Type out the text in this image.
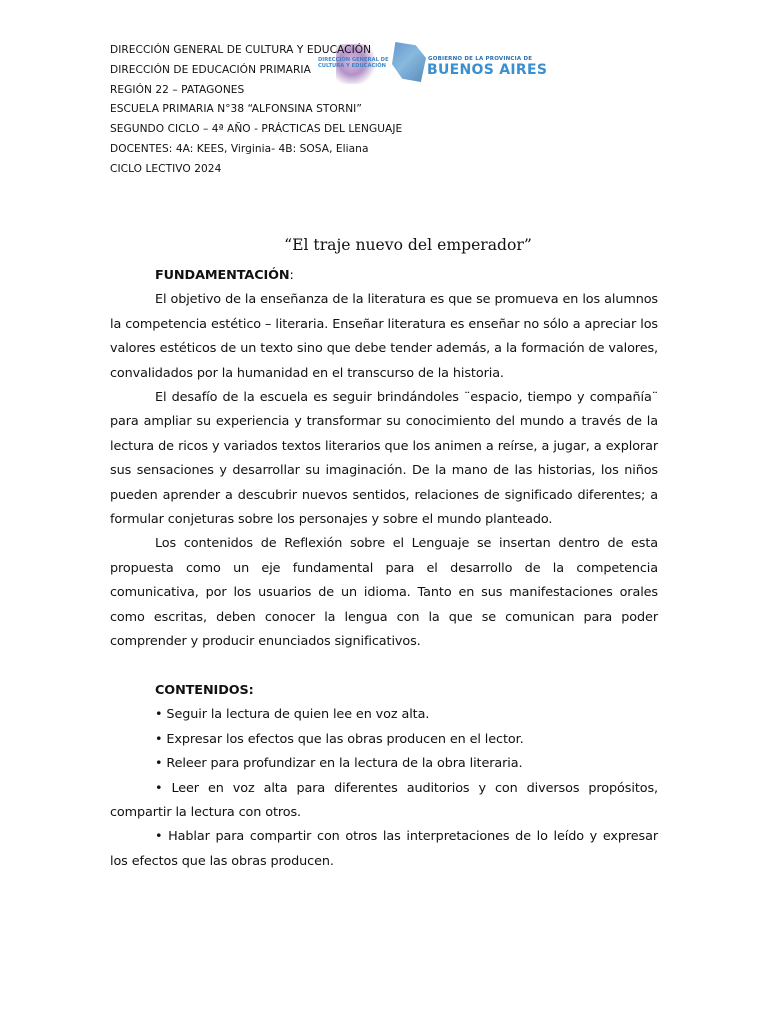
DIRECCIÓN GENERAL DE
CULTURA Y EDUCACIÓN
GOBIERNO DE LA PROVINCIA DE
BUENOS AIRES
DIRECCIÓN GENERAL DE CULTURA Y EDUCACIÓN
DIRECCIÓN DE EDUCACIÓN PRIMARIA
REGIÓN 22 – PATAGONES
ESCUELA PRIMARIA N°38 “ALFONSINA STORNI”
SEGUNDO CICLO – 4ª AÑO - PRÁCTICAS DEL LENGUAJE
DOCENTES: 4A: KEES, Virginia- 4B: SOSA, Eliana
CICLO LECTIVO 2024
“El traje nuevo del emperador”
FUNDAMENTACIÓN:

El objetivo de la enseñanza de la literatura es que se promueva en los alumnos la competencia estético – literaria. Enseñar literatura es enseñar no sólo a apreciar los valores estéticos de un texto sino que debe tender además, a la formación de valores, convalidados por la humanidad en el transcurso de la historia.

El desafío de la escuela es seguir brindándoles ¨espacio, tiempo y compañía¨ para ampliar su experiencia y transformar su conocimiento del mundo a través de la lectura de ricos y variados textos literarios que los animen a reírse, a jugar, a explorar sus sensaciones y desarrollar su imaginación. De la mano de las historias, los niños pueden aprender a descubrir nuevos sentidos, relaciones de significado diferentes; a formular conjeturas sobre los personajes y sobre el mundo planteado.

Los contenidos de Reflexión sobre el Lenguaje se insertan dentro de esta propuesta como un eje fundamental para el desarrollo de la competencia comunicativa, por los usuarios de un idioma. Tanto en sus manifestaciones orales como escritas, deben conocer la lengua con la que se comunican para poder comprender y producir enunciados significativos.

CONTENIDOS:

• Seguir la lectura de quien lee en voz alta.

• Expresar los efectos que las obras producen en el lector.

• Releer para profundizar en la lectura de la obra literaria.

• Leer en voz alta para diferentes auditorios y con diversos propósitos, compartir la lectura con otros.

• Hablar para compartir con otros las interpretaciones de lo leído y expresar los efectos que las obras producen.
